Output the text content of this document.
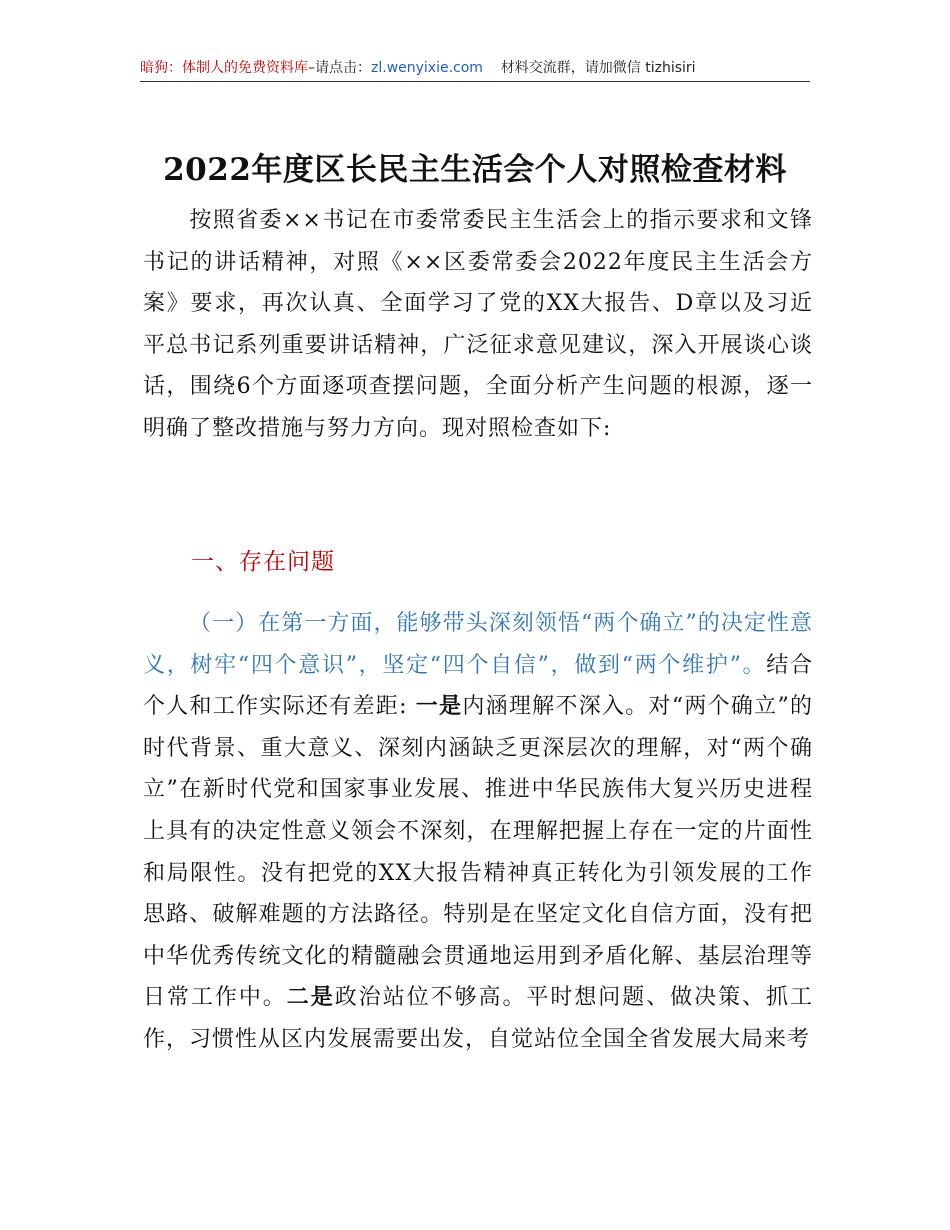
暗狗：体制人的免费资料库–请点击：zl.wenyixie.com 材料交流群，请加微信 tizhisiri
2022年度区长民主生活会个人对照检查材料

按照省委××书记在市委常委民主生活会上的指示要求和文锋书记的讲话精神，对照《××区委常委会2022年度民主生活会方案》要求，再次认真、全面学习了党的XX大报告、D章以及习近平总书记系列重要讲话精神，广泛征求意见建议，深入开展谈心谈话，围绕6个方面逐项查摆问题，全面分析产生问题的根源，逐一明确了整改措施与努力方向。现对照检查如下:

一、存在问题

（一）在第一方面，能够带头深刻领悟“两个确立”的决定性意义，树牢“四个意识”，坚定“四个自信”，做到“两个维护”。结合个人和工作实际还有差距: 一是内涵理解不深入。对“两个确立”的时代背景、重大意义、深刻内涵缺乏更深层次的理解，对“两个确立”在新时代党和国家事业发展、推进中华民族伟大复兴历史进程上具有的决定性意义领会不深刻，在理解把握上存在一定的片面性和局限性。没有把党的XX大报告精神真正转化为引领发展的工作思路、破解难题的方法路径。特别是在坚定文化自信方面，没有把中华优秀传统文化的精髓融会贯通地运用到矛盾化解、基层治理等日常工作中。二是政治站位不够高。平时想问题、做决策、抓工作，习惯性从区内发展需要出发，自觉站位全国全省发展大局来考
